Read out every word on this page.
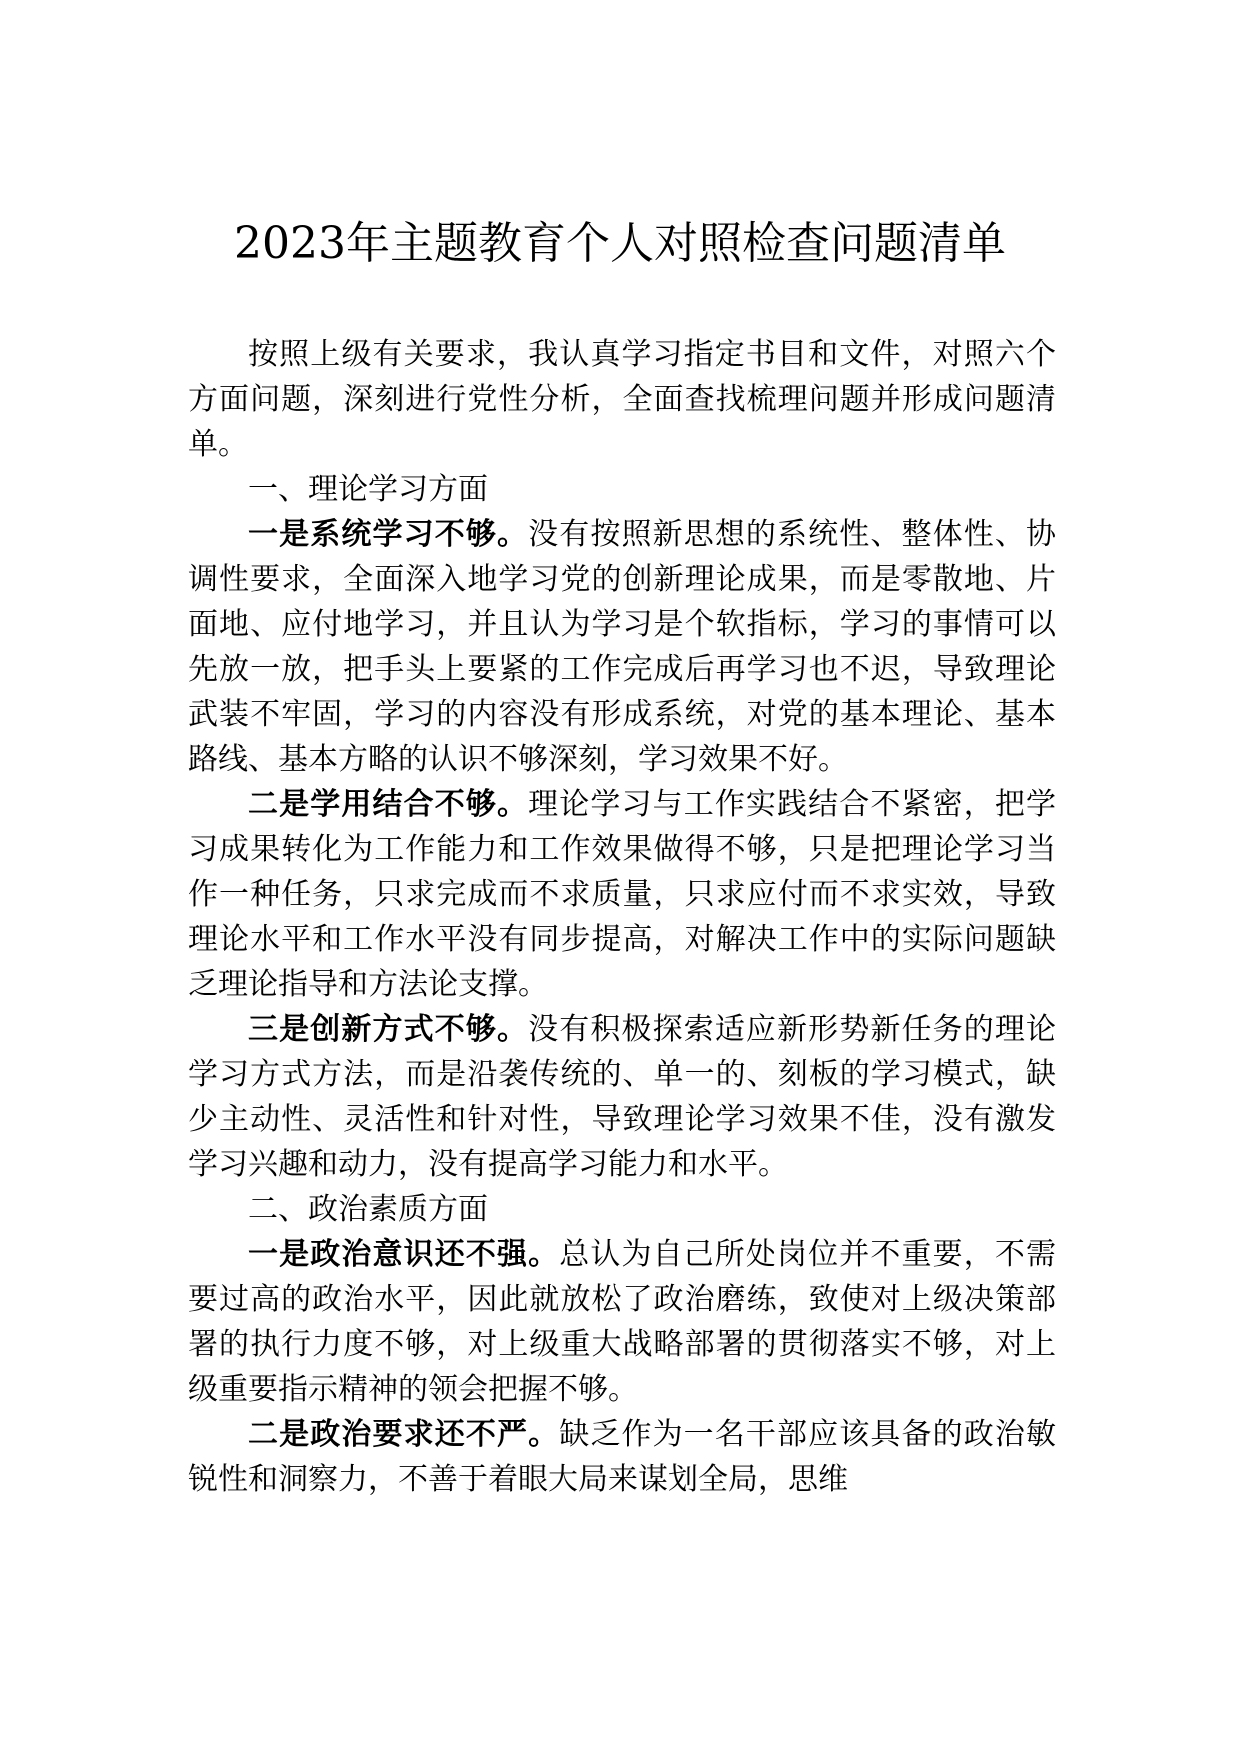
2023年主题教育个人对照检查问题清单

按照上级有关要求，我认真学习指定书目和文件，对照六个方面问题，深刻进行党性分析，全面查找梳理问题并形成问题清单。

一、理论学习方面

一是系统学习不够。没有按照新思想的系统性、整体性、协调性要求，全面深入地学习党的创新理论成果，而是零散地、片面地、应付地学习，并且认为学习是个软指标，学习的事情可以先放一放，把手头上要紧的工作完成后再学习也不迟，导致理论武装不牢固，学习的内容没有形成系统，对党的基本理论、基本路线、基本方略的认识不够深刻，学习效果不好。

二是学用结合不够。理论学习与工作实践结合不紧密，把学习成果转化为工作能力和工作效果做得不够，只是把理论学习当作一种任务，只求完成而不求质量，只求应付而不求实效，导致理论水平和工作水平没有同步提高，对解决工作中的实际问题缺乏理论指导和方法论支撑。

三是创新方式不够。没有积极探索适应新形势新任务的理论学习方式方法，而是沿袭传统的、单一的、刻板的学习模式，缺少主动性、灵活性和针对性，导致理论学习效果不佳，没有激发学习兴趣和动力，没有提高学习能力和水平。

二、政治素质方面

一是政治意识还不强。总认为自己所处岗位并不重要，不需要过高的政治水平，因此就放松了政治磨练，致使对上级决策部署的执行力度不够，对上级重大战略部署的贯彻落实不够，对上级重要指示精神的领会把握不够。

二是政治要求还不严。缺乏作为一名干部应该具备的政治敏锐性和洞察力，不善于着眼大局来谋划全局，思维
